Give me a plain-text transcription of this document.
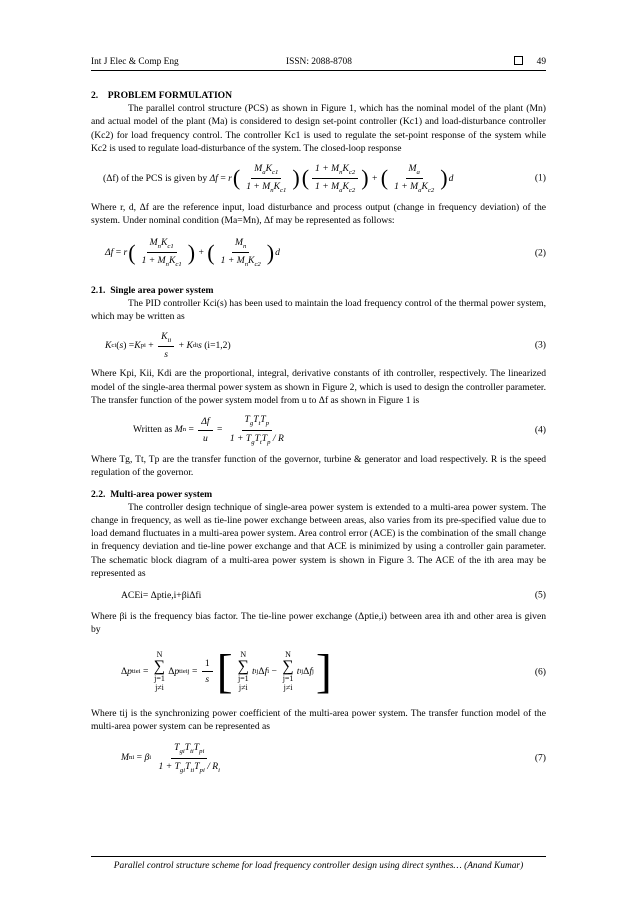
Int J Elec & Comp Eng	ISSN: 2088-8708	49

2.    PROBLEM FORMULATION

The parallel control structure (PCS) as shown in Figure 1, which has the nominal model of the plant (Mn) and actual model of the plant (Ma) is considered to design set-point controller (Kc1) and load-disturbance controller (Kc2) for load frequency control. The controller Kc1 is used to regulate the set-point response of the system while Kc2 is used to regulate load-disturbance of the system. The closed-loop response

(Δf) of the PCS is given by
Δf = r ( $\frac{M_aK_{c1}}{1 + M_nK_{c1}}$ ) ( $\frac{1 + M_nK_{c2}}{1 + M_aK_{c2}}$ ) + ( $\frac{M_a}{1 + M_aK_{c2}}$ ) d	(1)

Where r, d, Δf are the reference input, load disturbance and process output (change in frequency deviation) of the system. Under nominal condition (Ma=Mn), Δf may be represented as follows:

Δf = r ( $\frac{M_nK_{c1}}{1 + M_nK_{c1}}$ ) + ( $\frac{M_n}{1 + M_nK_{c2}}$ ) d	(2)

2.1.  Single area power system

The PID controller Kci(s) has been used to maintain the load frequency control of the thermal power system, which may be written as

K ci ( s ) = K pi + $\frac{K_{ii}}{s} + K$ di s
(i=1,2)	(3)

Where Kpi, Kii, Kdi are the proportional, integral, derivative constants of ith controller, respectively. The linearized model of the single-area thermal power system as shown in Figure 2, which is used to design the controller parameter. The transfer function of the power system model from u to Δf as shown in Figure 1 is

Written as
M $n = \frac{\Delta f}{u} = \frac{T_gT_tT_p}{1 + T_gT_tT_p / R}$	(4)

Where Tg, Tt, Tp are the transfer function of the governor, turbine & generator and load respectively. R is the speed regulation of the governor.

2.2.  Multi-area power system

The controller design technique of single-area power system is extended to a multi-area power system. The change in frequency, as well as tie-line power exchange between areas, also varies from its pre-specified value due to load demand fluctuates in a multi-area power system. Area control error (ACE) is the combination of the small change in frequency deviation and tie-line power exchange and that ACE is minimized by using a controller gain parameter. The schematic block diagram of a multi-area power system is shown in Figure 3. The ACE of the ith area may be represented as

ACEi= Δptie,i+βiΔfi	(5)

Where βi is the frequency bias factor. The tie-line power exchange (Δptie,i) between area ith and other area is given by

Δ p tiei =
N
∑
j=1
j≠i
Δ p tieij = $\frac{1}{s}$ [ N
∑
j=1
j≠i
t ij Δ f i −
N
∑
j=1
j≠i
t ij Δ f j ]	(6)

Where tij is the synchronizing power coefficient of the multi-area power system. The transfer function model of the multi-area power system can be represented as

M ni = β i
$\frac{T_{gi}T_{ti}T_{pi}}{1 + T_{gi}T_{ti}T_{pi} / R_i}$	(7)
Parallel control structure scheme for load frequency controller design using direct synthes… (Anand Kumar)
